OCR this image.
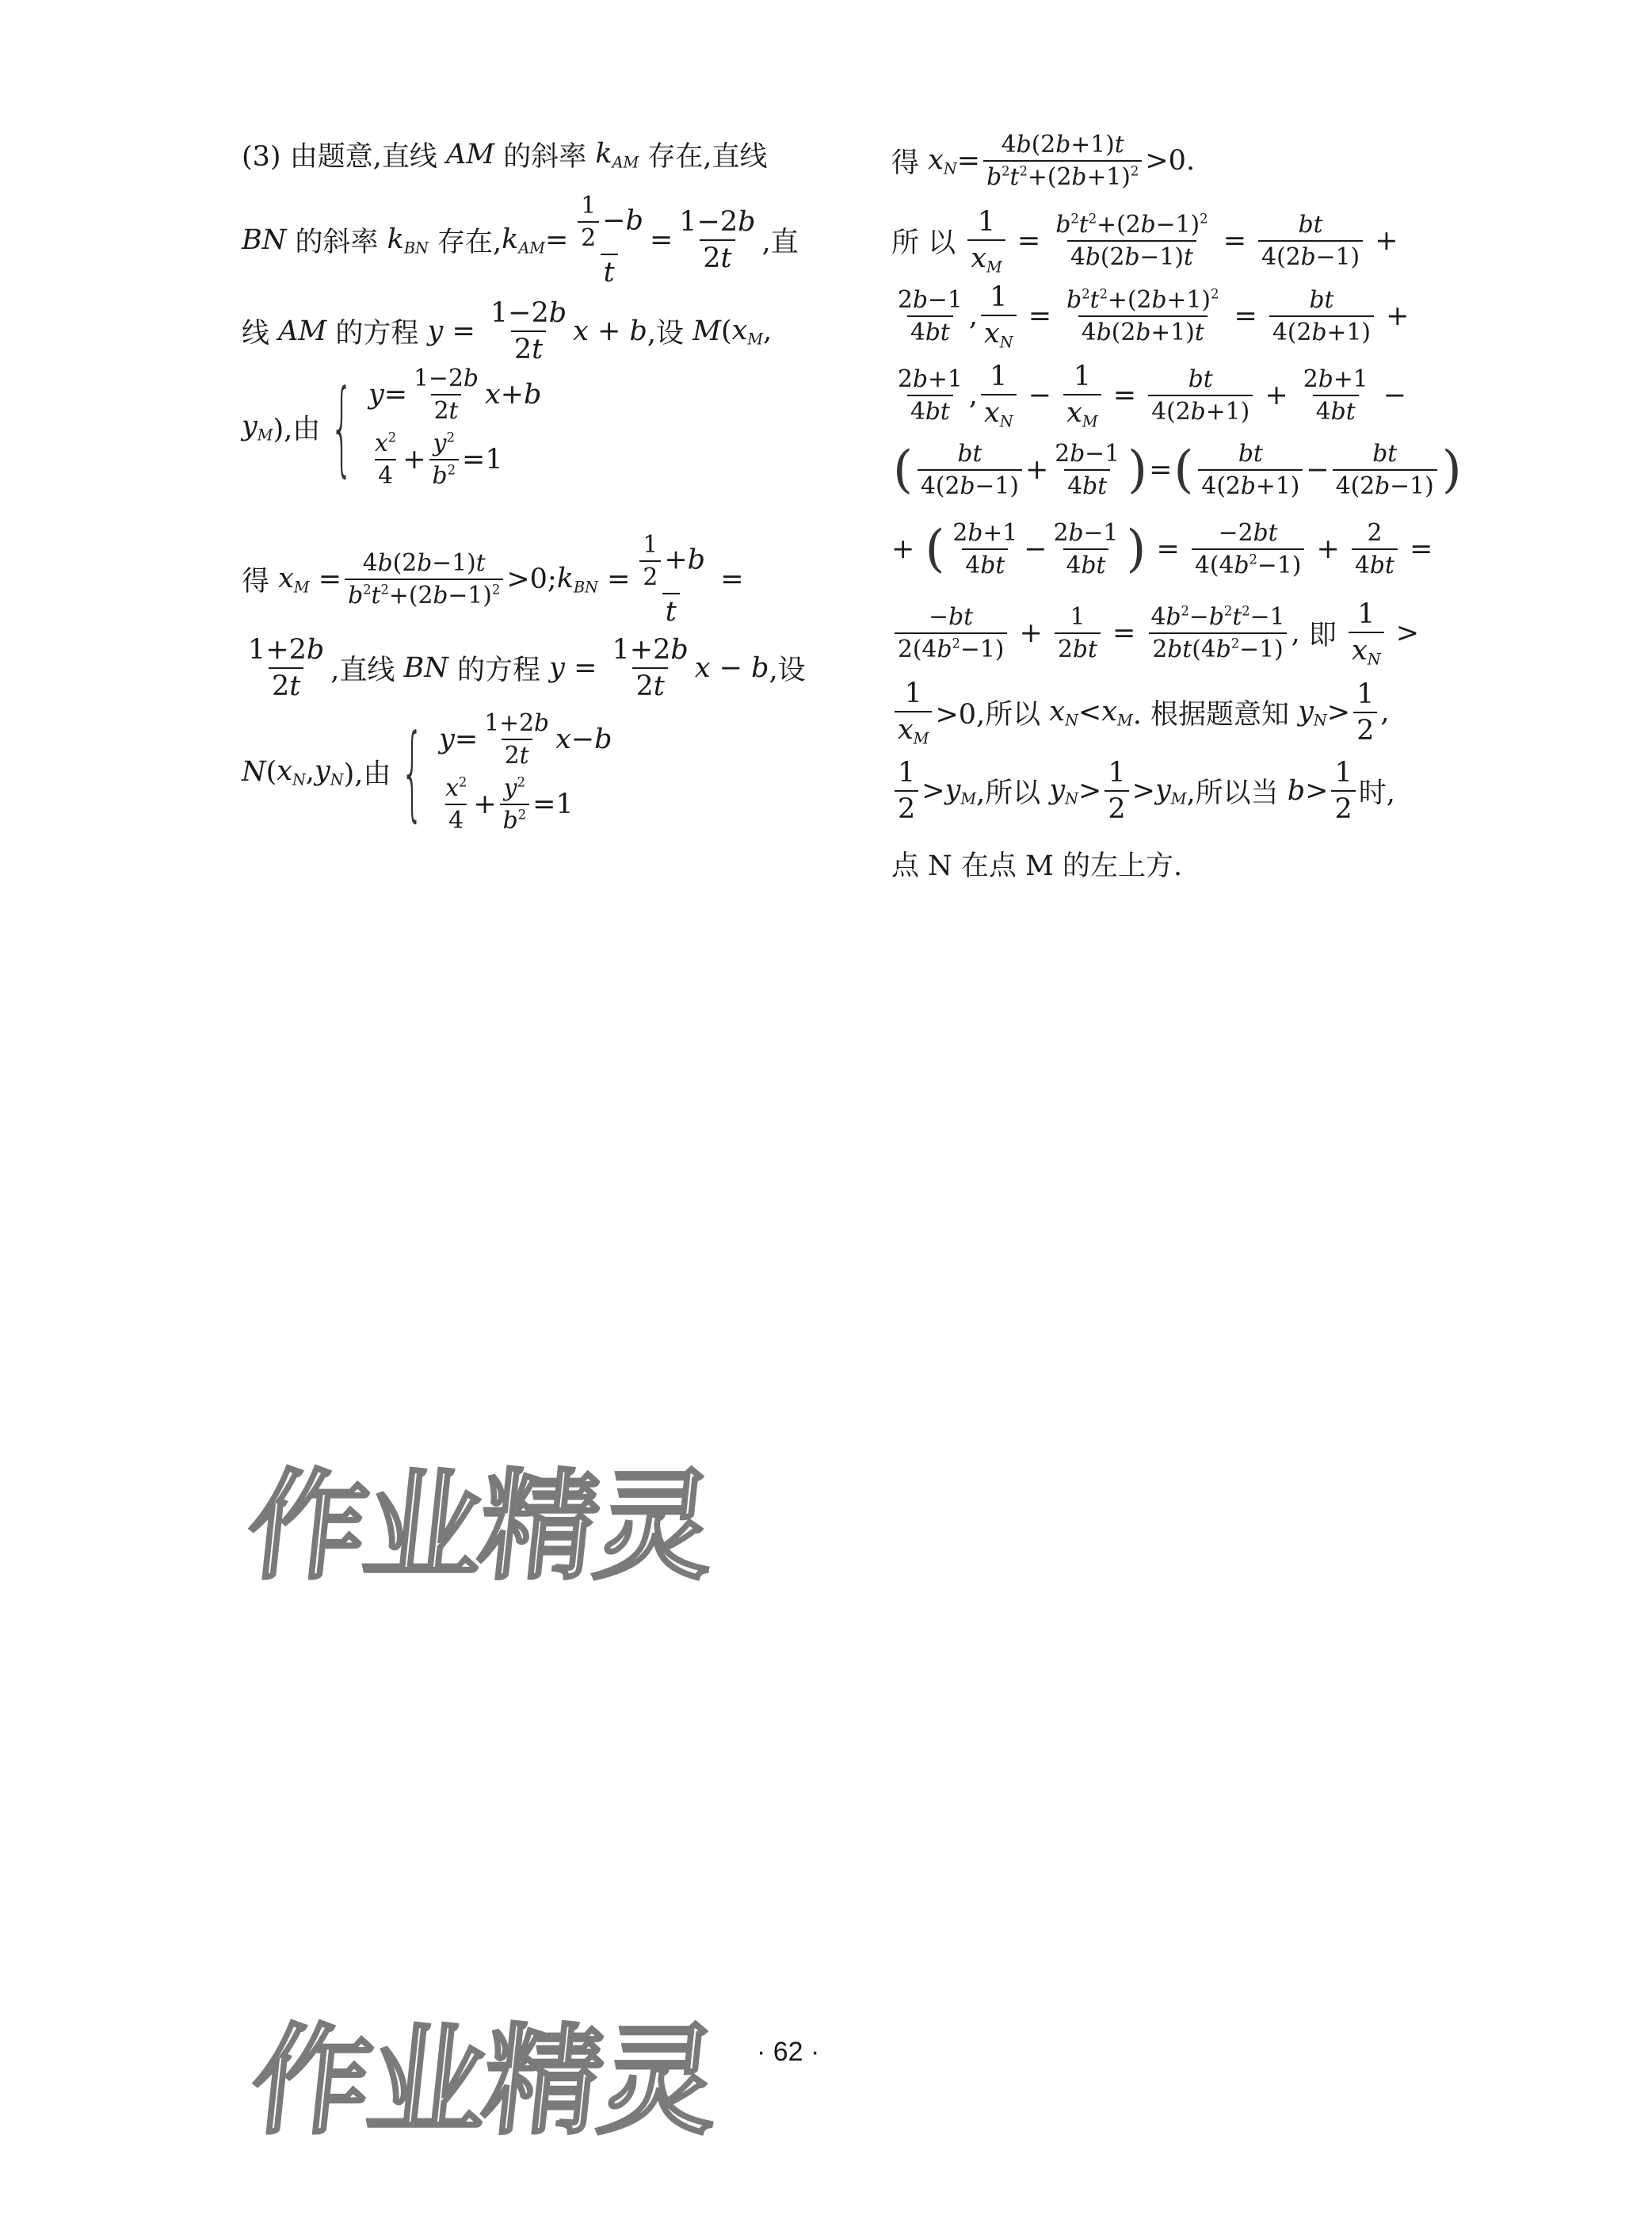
(3) 由题意,直线
AM
的斜率
$k_{AM}$
存在,直线
BN 的斜率 $k_{BN}$ 存在, $k_{AM} = \frac{1}{2} -b$
t
=
1−2b
2t ,直
线 AM 的方程 y =
1−2b
2t
x + b ,设 M ( $x_M$ ,
$y_M$ ),由 { y =
1−2b
2t
x + b
$x^2$
4
+
$y^2$
$b^2 =1$
得 $x_M$ =
4b(2b−1)t
$b^2t^2+(2b-1)^2 >0$; $k_{BN} = \frac{1}{2} +b$
t
=
1+2b
2t ,直线 BN 的方程 y =
1+2b
2t
x − b ,设
N ( $x_N$ , $y_N$ ),由 { y =
1+2b
2t
x − b
$x^2$
4
+
$y^2$
$b^2 =1$
得
$x_N$ =
4b(2b+1)t
$b^2t^2+(2b+1)^2 >0$.
所 以
1
$x_M$
=
$b^2t^2+(2b-1)^2$
4b(2b−1)t
=
bt
4(2b−1)
+
2b−1
4bt
,
1
$x_N$
=
$b^2t^2+(2b+1)^2$
4b(2b+1)t
=
bt
4(2b+1)
+
2b+1
4bt
,
1
$x_N$
−
1
$x_M$
=
bt
4(2b+1)
+
2b+1
4bt
−
( bt
4(2b−1)
+
2b−1
4bt ) = ( bt
4(2b+1)
−
bt
4(2b−1) )
+ ( 2b+1
4bt
−
2b−1
4bt ) =
−2bt
$4(4b^2-1)$
+
2
4bt
=
−bt
$2(4b^2-1)$
+
1
2bt
=
$4b^2-b^2t^2-1$
$2bt(4b^2-1)$
, 即

1
$x_N$
>
1
$x_M$
>0,所以 $x_N < x_M$ . 根据题意知 $y_N$ >
1
2
,
1
2
> $y_M$ ,所以 $y_N$ >
1
2
> $y_M$ ,所以当 b >
1
2 时,
点 N 在点 M 的左上方.
作业精灵
作业精灵 · 62 ·
